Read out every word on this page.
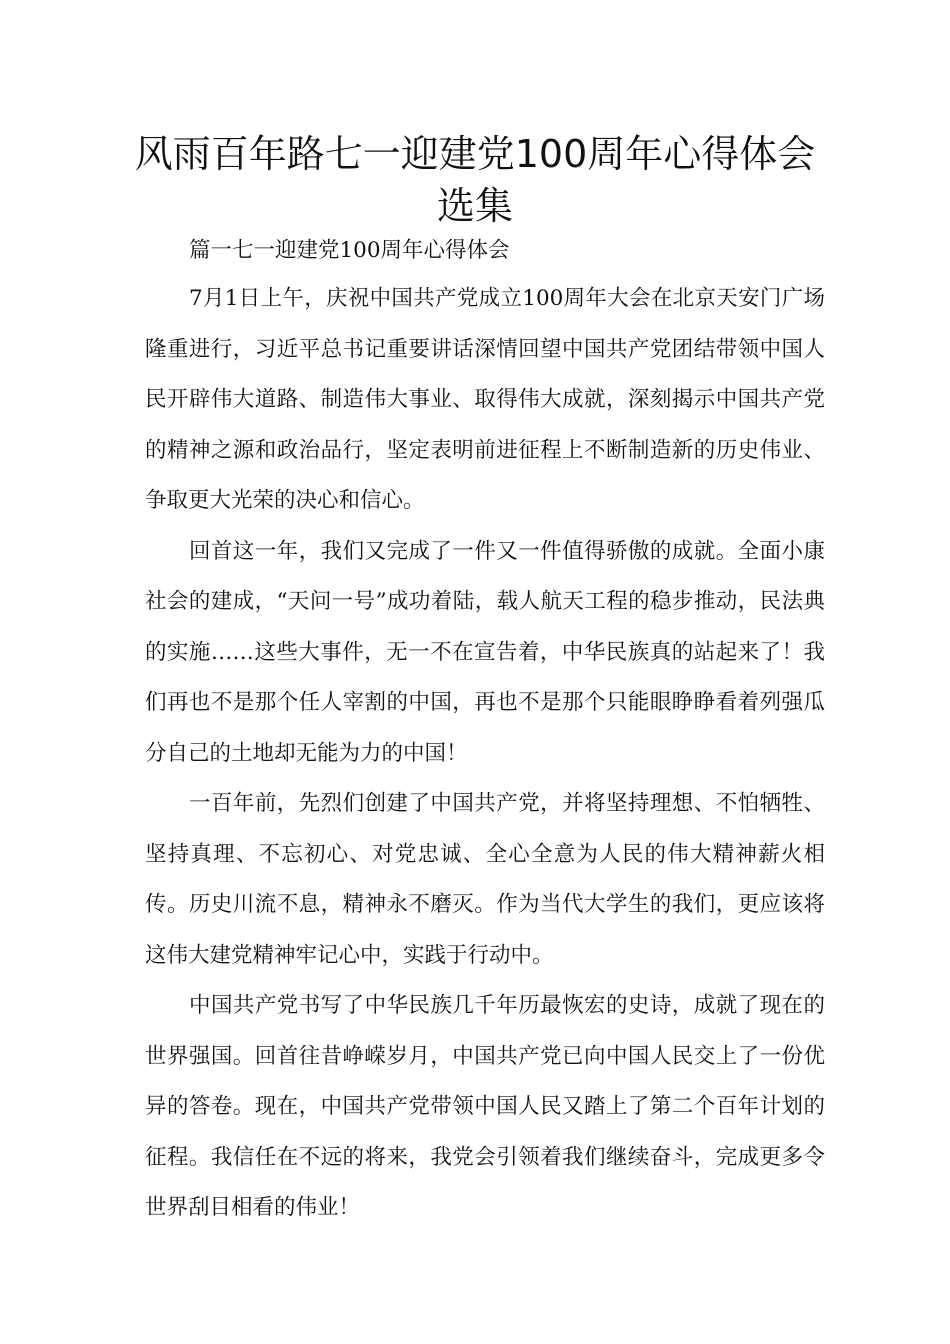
风雨百年路七一迎建党100周年心得体会选集

篇一七一迎建党100周年心得体会

7月1日上午，庆祝中国共产党成立100周年大会在北京天安门广场隆重进行，习近平总书记重要讲话深情回望中国共产党团结带领中国人民开辟伟大道路、制造伟大事业、取得伟大成就，深刻揭示中国共产党的精神之源和政治品行，坚定表明前进征程上不断制造新的历史伟业、争取更大光荣的决心和信心。

回首这一年，我们又完成了一件又一件值得骄傲的成就。全面小康社会的建成，“天问一号”成功着陆，载人航天工程的稳步推动，民法典的实施……这些大事件，无一不在宣告着，中华民族真的站起来了！我们再也不是那个任人宰割的中国，再也不是那个只能眼睁睁看着列强瓜分自己的土地却无能为力的中国！

一百年前，先烈们创建了中国共产党，并将坚持理想、不怕牺牲、坚持真理、不忘初心、对党忠诚、全心全意为人民的伟大精神薪火相传。历史川流不息，精神永不磨灭。作为当代大学生的我们，更应该将这伟大建党精神牢记心中，实践于行动中。

中国共产党书写了中华民族几千年历最恢宏的史诗，成就了现在的世界强国。回首往昔峥嵘岁月，中国共产党已向中国人民交上了一份优异的答卷。现在，中国共产党带领中国人民又踏上了第二个百年计划的征程。我信任在不远的将来，我党会引领着我们继续奋斗，完成更多令世界刮目相看的伟业！
